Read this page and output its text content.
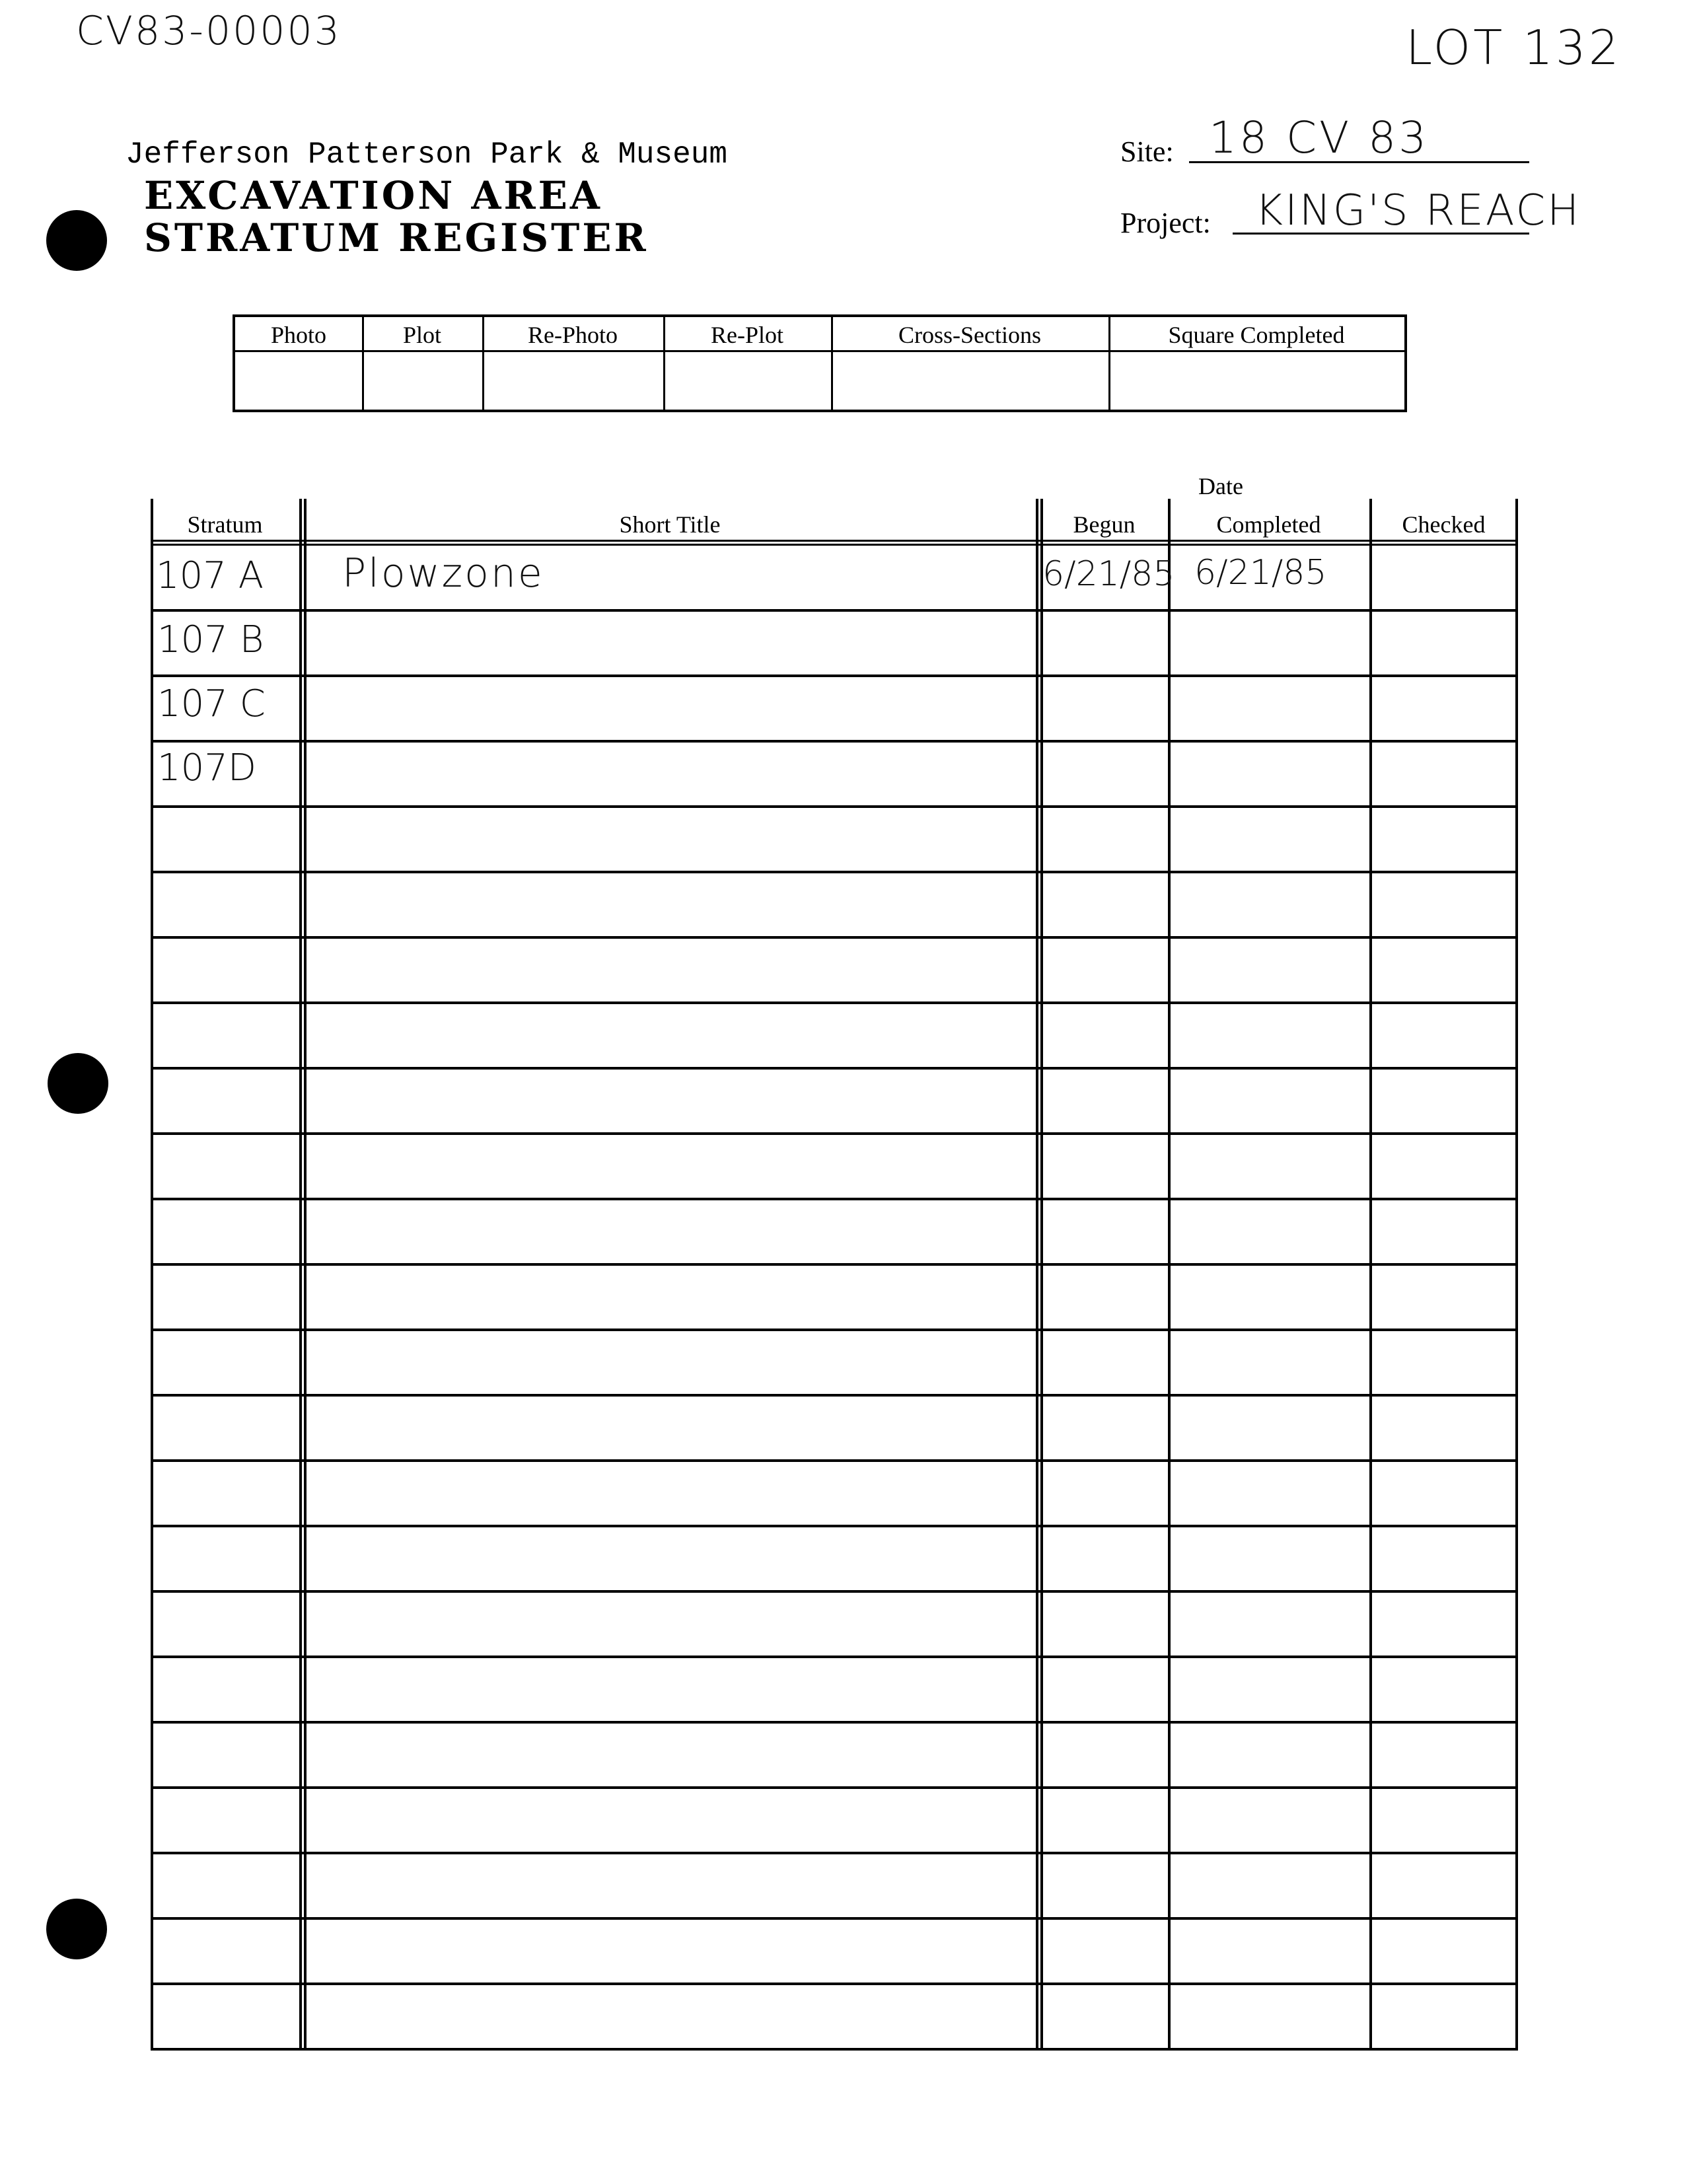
CV83-00003	LOT 132
Jefferson Patterson Park & Museum
EXCAVATION AREA
STRATUM REGISTER
Site: 18 CV 83
Project: KING'S REACH
Photo	Plot	Re-Photo	Re-Plot	Cross-Sections	Square Completed
Date
Stratum	Short Title	Begun	Completed	Checked
107 A Plowzone	6/21/85 6/21/85
107 B
107 C
107D
